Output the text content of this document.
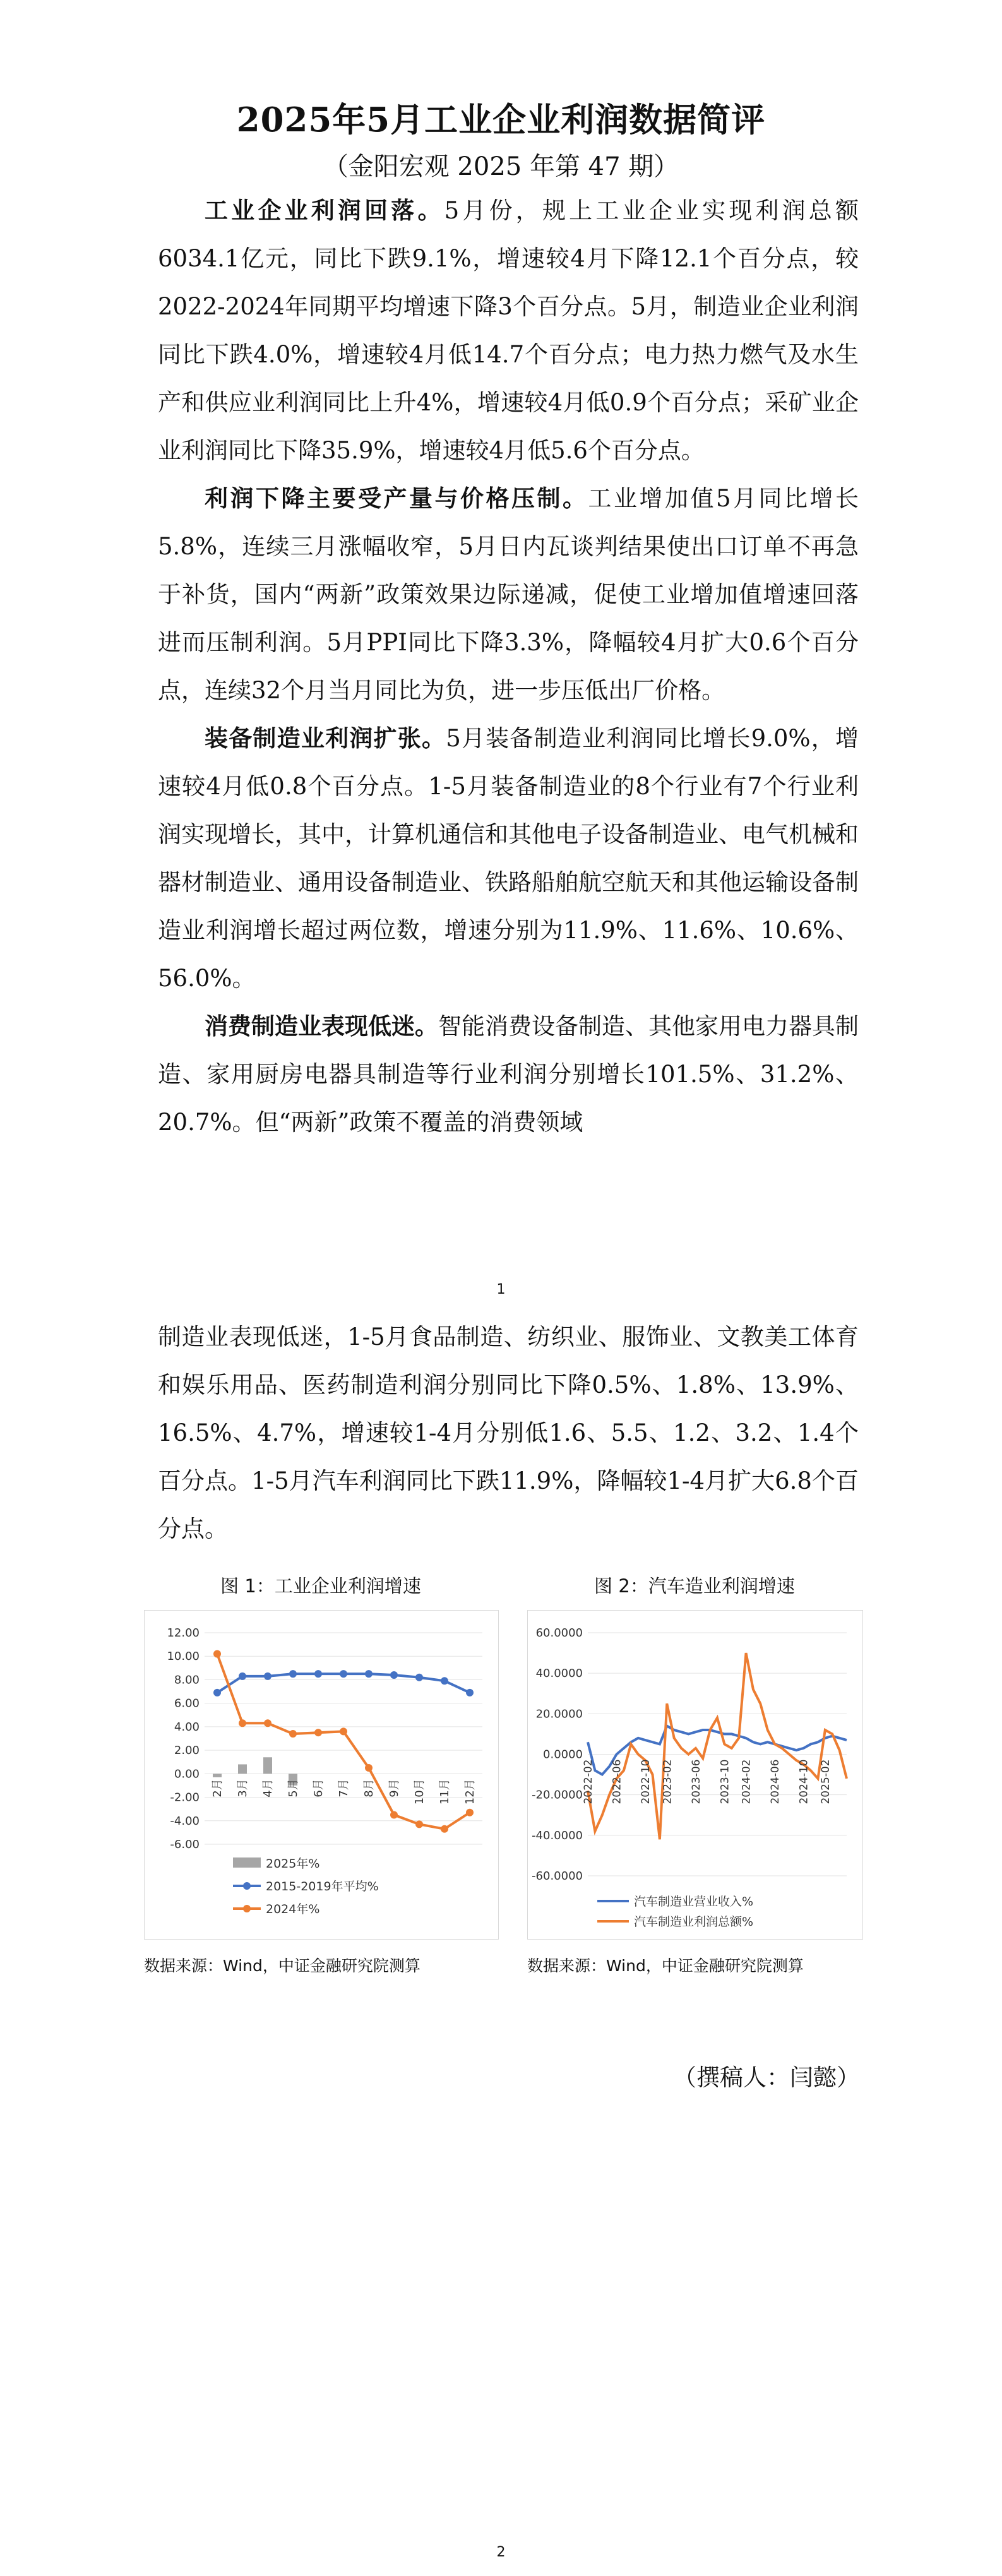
2025年5月工业企业利润数据简评
（金阳宏观 2025 年第 47 期）

工业企业利润回落。5月份，规上工业企业实现利润总额6034.1亿元，同比下跌9.1%，增速较4月下降12.1个百分点，较2022-2024年同期平均增速下降3个百分点。5月，制造业企业利润同比下跌4.0%，增速较4月低14.7个百分点；电力热力燃气及水生产和供应业利润同比上升4%，增速较4月低0.9个百分点；采矿业企业利润同比下降35.9%，增速较4月低5.6个百分点。

利润下降主要受产量与价格压制。工业增加值5月同比增长5.8%，连续三月涨幅收窄，5月日内瓦谈判结果使出口订单不再急于补货，国内“两新”政策效果边际递减，促使工业增加值增速回落进而压制利润。5月PPI同比下降3.3%，降幅较4月扩大0.6个百分点，连续32个月当月同比为负，进一步压低出厂价格。

装备制造业利润扩张。5月装备制造业利润同比增长9.0%，增速较4月低0.8个百分点。1-5月装备制造业的8个行业有7个行业利润实现增长，其中，计算机通信和其他电子设备制造业、电气机械和器材制造业、通用设备制造业、铁路船舶航空航天和其他运输设备制造业利润增长超过两位数，增速分别为11.9%、11.6%、10.6%、56.0%。

消费制造业表现低迷。智能消费设备制造、其他家用电力器具制造、家用厨房电器具制造等行业利润分别增长101.5%、31.2%、20.7%。但“两新”政策不覆盖的消费领域

1

制造业表现低迷，1-5月食品制造、纺织业、服饰业、文教美工体育和娱乐用品、医药制造利润分别同比下降0.5%、1.8%、13.9%、16.5%、4.7%，增速较1-4月分别低1.6、5.5、1.2、3.2、1.4个百分点。1-5月汽车利润同比下跌11.9%，降幅较1-4月扩大6.8个百分点。

图 1：工业企业利润增速
12.00
10.00
8.00
6.00
4.00
2.00
0.00
-2.00
-4.00
-6.00
2月 3月 4月 5月 6月 7月 8月 9月 10月 11月 12月
2025年%
2015-2019年平均%
2024年%
数据来源：Wind，中证金融研究院测算
图 2：汽车造业利润增速
60.0000
40.0000
20.0000
0.0000
-20.0000
-40.0000
-60.0000
2022-02 2022-06 2022-10 2023-02 2023-06 2023-10 2024-02 2024-06 2024-10 2025-02
汽车制造业营业收入%
汽车制造业利润总额%
数据来源：Wind，中证金融研究院测算
（撰稿人：闫懿）
2
